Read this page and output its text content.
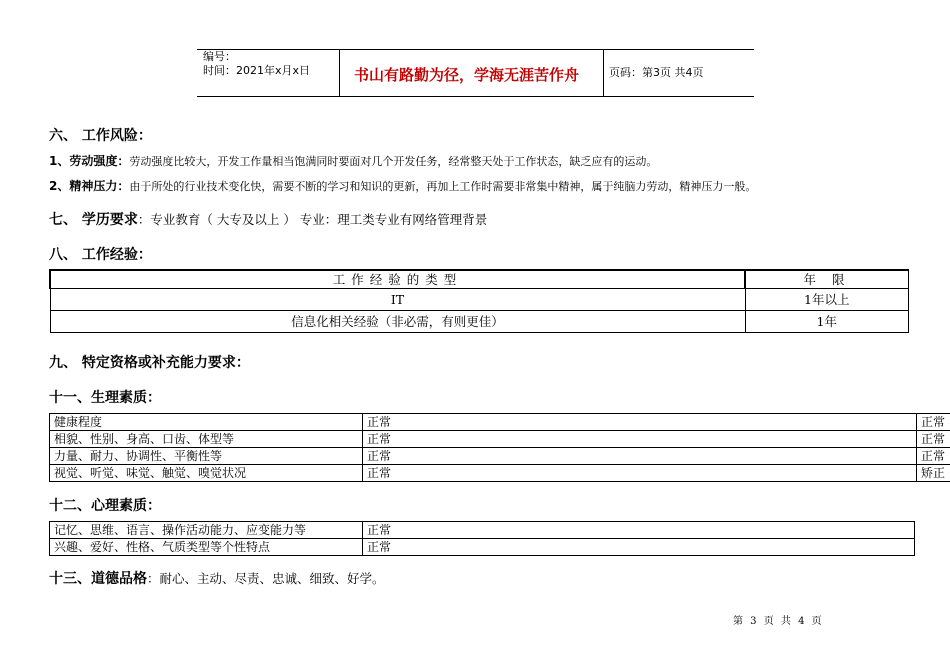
编号：
时间：2021年x月x日	书山有路勤为径，学海无涯苦作舟	页码：第3页 共4页
六、 工作风险：
1、劳动强度：劳动强度比较大，开发工作量相当饱满同时要面对几个开发任务，经常整天处于工作状态，缺乏应有的运动。
2、精神压力：由于所处的行业技术变化快，需要不断的学习和知识的更新，再加上工作时需要非常集中精神，属于纯脑力劳动，精神压力一般。
七、 学历要求：专业教育（ 大专及以上 ） 专业：理工类专业有网络管理背景
八、 工作经验：
工作经验的类型	年 限
IT	1年以上
信息化相关经验（非必需，有则更佳）	1年
九、 特定资格或补充能力要求：
十一、生理素质：
健康程度	正常	正常
相貌、性别、身高、口齿、体型等	正常	正常
力量、耐力、协调性、平衡性等	正常	正常
视觉、听觉、味觉、触觉、嗅觉状况	正常	矫正
十二、心理素质：
记忆、思维、语言、操作活动能力、应变能力等	正常
兴趣、爱好、性格、气质类型等个性特点	正常
十三、道德品格：耐心、主动、尽责、忠诚、细致、好学。
第 3 页 共 4 页
